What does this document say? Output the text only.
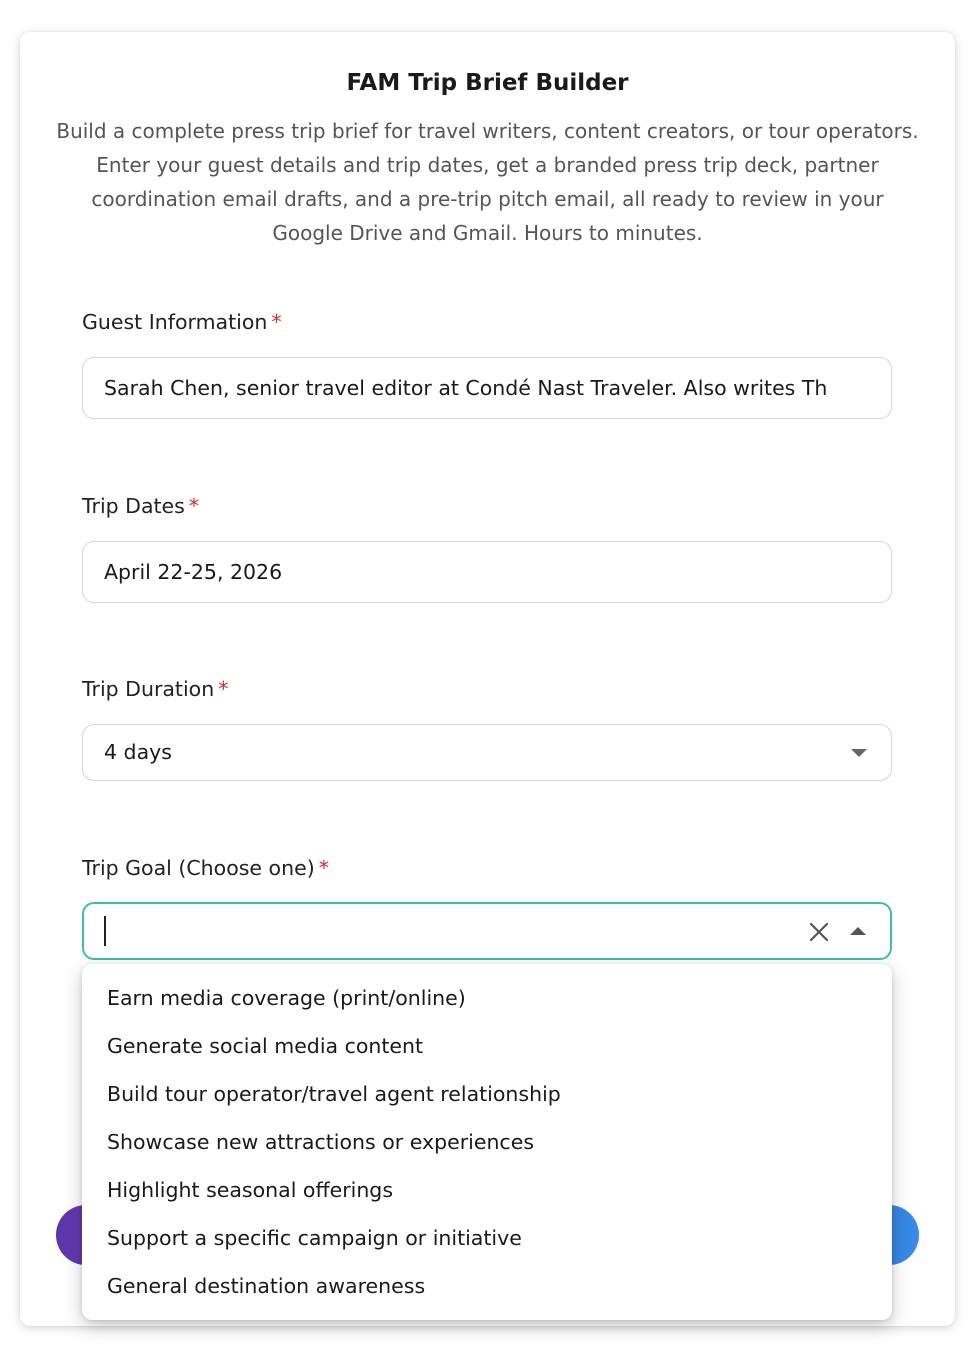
FAM Trip Brief Builder

Build a complete press trip brief for travel writers, content creators, or tour operators. Enter your guest details and trip dates, get a branded press trip deck, partner coordination email drafts, and a pre-trip pitch email, all ready to review in your Google Drive and Gmail. Hours to minutes.

Guest Information *
Sarah Chen, senior travel editor at Condé Nast Traveler. Also writes Th
Trip Dates *
April 22-25, 2026
Trip Duration *
4 days
Trip Goal (Choose one) *
Earn media coverage (print/online)
Generate social media content
Build tour operator/travel agent relationship
Showcase new attractions or experiences
Highlight seasonal offerings
Support a specific campaign or initiative
General destination awareness
